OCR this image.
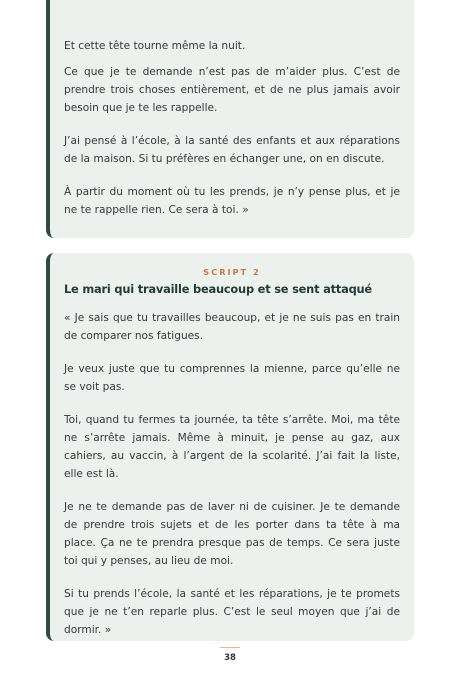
Et cette tête tourne même la nuit.

Ce que je te demande n’est pas de m’aider plus. C’est de prendre trois choses entièrement, et de ne plus jamais avoir besoin que je te les rappelle.

J’ai pensé à l’école, à la santé des enfants et aux réparations de la maison. Si tu préfères en échanger une, on en discute.

À partir du moment où tu les prends, je n’y pense plus, et je ne te rappelle rien. Ce sera à toi. »

SCRIPT 2
Le mari qui travaille beaucoup et se sent attaqué

« Je sais que tu travailles beaucoup, et je ne suis pas en train de comparer nos fatigues.

Je veux juste que tu comprennes la mienne, parce qu’elle ne se voit pas.

Toi, quand tu fermes ta journée, ta tête s’arrête. Moi, ma tête ne s’arrête jamais. Même à minuit, je pense au gaz, aux cahiers, au vaccin, à l’argent de la scolarité. J’ai fait la liste, elle est là.

Je ne te demande pas de laver ni de cuisiner. Je te demande de prendre trois sujets et de les porter dans ta tête à ma place. Ça ne te prendra presque pas de temps. Ce sera juste toi qui y penses, au lieu de moi.

Si tu prends l’école, la santé et les réparations, je te promets que je ne t’en reparle plus. C’est le seul moyen que j’ai de dormir. »

38
